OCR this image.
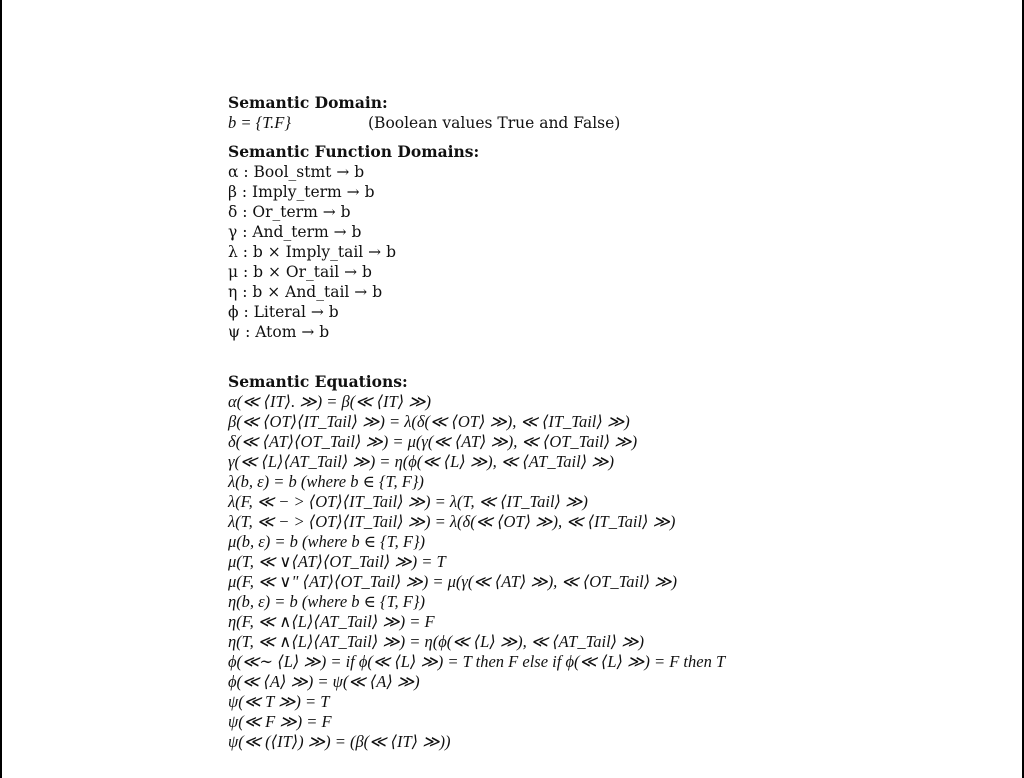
Semantic Domain:
b = {T.F}	(Boolean values True and False)
Semantic Function Domains:
α : Bool_stmt → b
β : Imply_term → b
δ : Or_term → b
γ : And_term → b
λ : b × Imply_tail → b
μ : b × Or_tail → b
η : b × And_tail → b
ϕ : Literal → b
ψ : Atom → b
Semantic Equations:
α(≪ ⟨IT⟩. ≫) = β(≪ ⟨IT⟩ ≫)
β(≪ ⟨OT⟩⟨IT_Tail⟩ ≫) = λ(δ(≪ ⟨OT⟩ ≫), ≪ ⟨IT_Tail⟩ ≫)
δ(≪ ⟨AT⟩⟨OT_Tail⟩ ≫) = μ(γ(≪ ⟨AT⟩ ≫), ≪ ⟨OT_Tail⟩ ≫)
γ(≪ ⟨L⟩⟨AT_Tail⟩ ≫) = η(ϕ(≪ ⟨L⟩ ≫), ≪ ⟨AT_Tail⟩ ≫)
λ(b, ε) = b (where b ∈ {T, F})
λ(F, ≪ − > ⟨OT⟩⟨IT_Tail⟩ ≫) = λ(T, ≪ ⟨IT_Tail⟩ ≫)
λ(T, ≪ − > ⟨OT⟩⟨IT_Tail⟩ ≫) = λ(δ(≪ ⟨OT⟩ ≫), ≪ ⟨IT_Tail⟩ ≫)
μ(b, ε) = b (where b ∈ {T, F})
μ(T, ≪ ∨⟨AT⟩⟨OT_Tail⟩ ≫) = T
μ(F, ≪ ∨" ⟨AT⟩⟨OT_Tail⟩ ≫) = μ(γ(≪ ⟨AT⟩ ≫), ≪ ⟨OT_Tail⟩ ≫)
η(b, ε) = b (where b ∈ {T, F})
η(F, ≪ ∧⟨L⟩⟨AT_Tail⟩ ≫) = F
η(T, ≪ ∧⟨L⟩⟨AT_Tail⟩ ≫) = η(ϕ(≪ ⟨L⟩ ≫), ≪ ⟨AT_Tail⟩ ≫)
ϕ(≪∼ ⟨L⟩ ≫) = if ϕ(≪ ⟨L⟩ ≫) = T then F else if ϕ(≪ ⟨L⟩ ≫) = F then T
ϕ(≪ ⟨A⟩ ≫) = ψ(≪ ⟨A⟩ ≫)
ψ(≪ T ≫) = T
ψ(≪ F ≫) = F
ψ(≪ (⟨IT⟩) ≫) = (β(≪ ⟨IT⟩ ≫))
